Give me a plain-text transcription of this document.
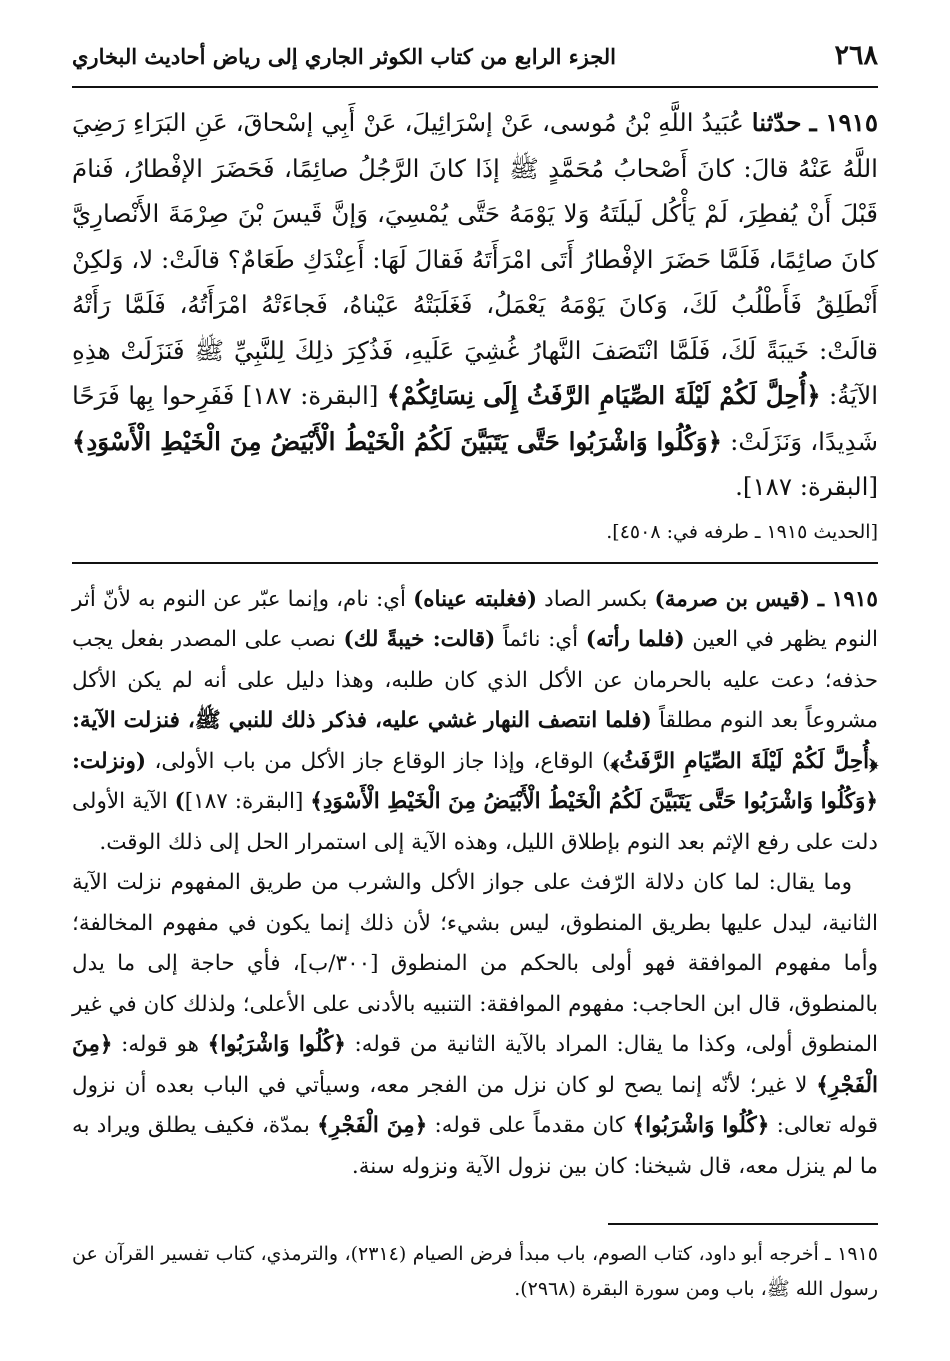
٢٦٨
الجزء الرابع من كتاب الكوثر الجاري إلى رياض أحاديث البخاري
١٩١٥ ـ حدّثنا عُبَيدُ اللَّهِ بْنُ مُوسى، عَنْ إسْرَائِيلَ، عَنْ أَبِي إسْحاقَ، عَنِ البَرَاءِ رَضِيَ اللَّهُ عَنْهُ قالَ: كانَ أَصْحابُ مُحَمَّدٍ ﷺ إذَا كانَ الرَّجُلُ صائِمًا، فَحَضَرَ الإفْطارُ، فَنامَ قَبْلَ أَنْ يُفطِرَ، لَمْ يَأْكُل لَيلَتَهُ وَلا يَوْمَهُ حَتَّى يُمْسِيَ، وَإنَّ قَيسَ بْنَ صِرْمَةَ الأَنْصارِيَّ كانَ صائِمًا، فَلَمَّا حَضَرَ الإفْطارُ أَتَى امْرَأَتَهُ فَقالَ لَهَا: أَعِنْدَكِ طَعَامٌ؟ قالَتْ: لا، وَلكِنْ أَنْطَلِقُ فَأَطْلُبُ لَكَ، وَكانَ يَوْمَهُ يَعْمَلُ، فَغَلَبَتْهُ عَيْناهُ، فَجاءَتْهُ امْرَأَتُهُ، فَلَمَّا رَأَتْهُ قالَتْ: خَيبَةً لَكَ، فَلَمَّا انْتَصَفَ النَّهارُ غُشِيَ عَلَيهِ، فَذُكِرَ ذلِكَ لِلنَّبِيِّ ﷺ فَنَزَلَتْ هذِهِ الآيَةُ: ﴿أُحِلَّ لَكُمْ لَيْلَةَ الصِّيَامِ الرَّفَثُ إِلَى نِسَائِكُمْ﴾ [البقرة: ١٨٧] فَفَرِحوا بِها فَرَحًا شَدِيدًا، وَنَزَلَتْ: ﴿وَكُلُوا وَاشْرَبُوا حَتَّى يَتَبَيَّنَ لَكُمُ الْخَيْطُ الْأَبْيَضُ مِنَ الْخَيْطِ الْأَسْوَدِ﴾ [البقرة: ١٨٧].
[الحديث ١٩١٥ ـ طرفه في: ٤٥٠٨].

١٩١٥ ـ (قيس بن صرمة) بكسر الصاد (فغلبته عيناه) أي: نام، وإنما عبّر عن النوم به لأنّ أثر النوم يظهر في العين (فلما رأته) أي: نائماً (قالت: خيبةً لك) نصب على المصدر بفعل يجب حذفه؛ دعت عليه بالحرمان عن الأكل الذي كان طلبه، وهذا دليل على أنه لم يكن الأكل مشروعاً بعد النوم مطلقاً (فلما انتصف النهار غشي عليه، فذكر ذلك للنبي ﷺ، فنزلت الآية: ﴿أُحِلَّ لَكُمْ لَيْلَةَ الصِّيَامِ الرَّفَثُ﴾) الوقاع، وإذا جاز الوقاع جاز الأكل من باب الأولى، (ونزلت: ﴿وَكُلُوا وَاشْرَبُوا حَتَّى يَتَبَيَّنَ لَكُمُ الْخَيْطُ الْأَبْيَضُ مِنَ الْخَيْطِ الْأَسْوَدِ﴾ [البقرة: ١٨٧]) الآية الأولى دلت على رفع الإثم بعد النوم بإطلاق الليل، وهذه الآية إلى استمرار الحل إلى ذلك الوقت.

وما يقال: لما كان دلالة الرّفث على جواز الأكل والشرب من طريق المفهوم نزلت الآية الثانية، ليدل عليها بطريق المنطوق، ليس بشيء؛ لأن ذلك إنما يكون في مفهوم المخالفة؛ وأما مفهوم الموافقة فهو أولى بالحكم من المنطوق [٣٠٠/ب]، فأي حاجة إلى ما يدل بالمنطوق، قال ابن الحاجب: مفهوم الموافقة: التنبيه بالأدنى على الأعلى؛ ولذلك كان في غير المنطوق أولى، وكذا ما يقال: المراد بالآية الثانية من قوله: ﴿كُلُوا وَاشْرَبُوا﴾ هو قوله: ﴿مِنَ الْفَجْرِ﴾ لا غير؛ لأنّه إنما يصح لو كان نزل من الفجر معه، وسيأتي في الباب بعده أن نزول قوله تعالى: ﴿كُلُوا وَاشْرَبُوا﴾ كان مقدماً على قوله: ﴿مِنَ الْفَجْرِ﴾ بمدّة، فكيف يطلق ويراد به ما لم ينزل معه، قال شيخنا: كان بين نزول الآية ونزوله سنة.

١٩١٥ ـ أخرجه أبو داود، كتاب الصوم، باب مبدأ فرض الصيام (٢٣١٤)، والترمذي، كتاب تفسير القرآن عن رسول الله ﷺ، باب ومن سورة البقرة (٢٩٦٨).
